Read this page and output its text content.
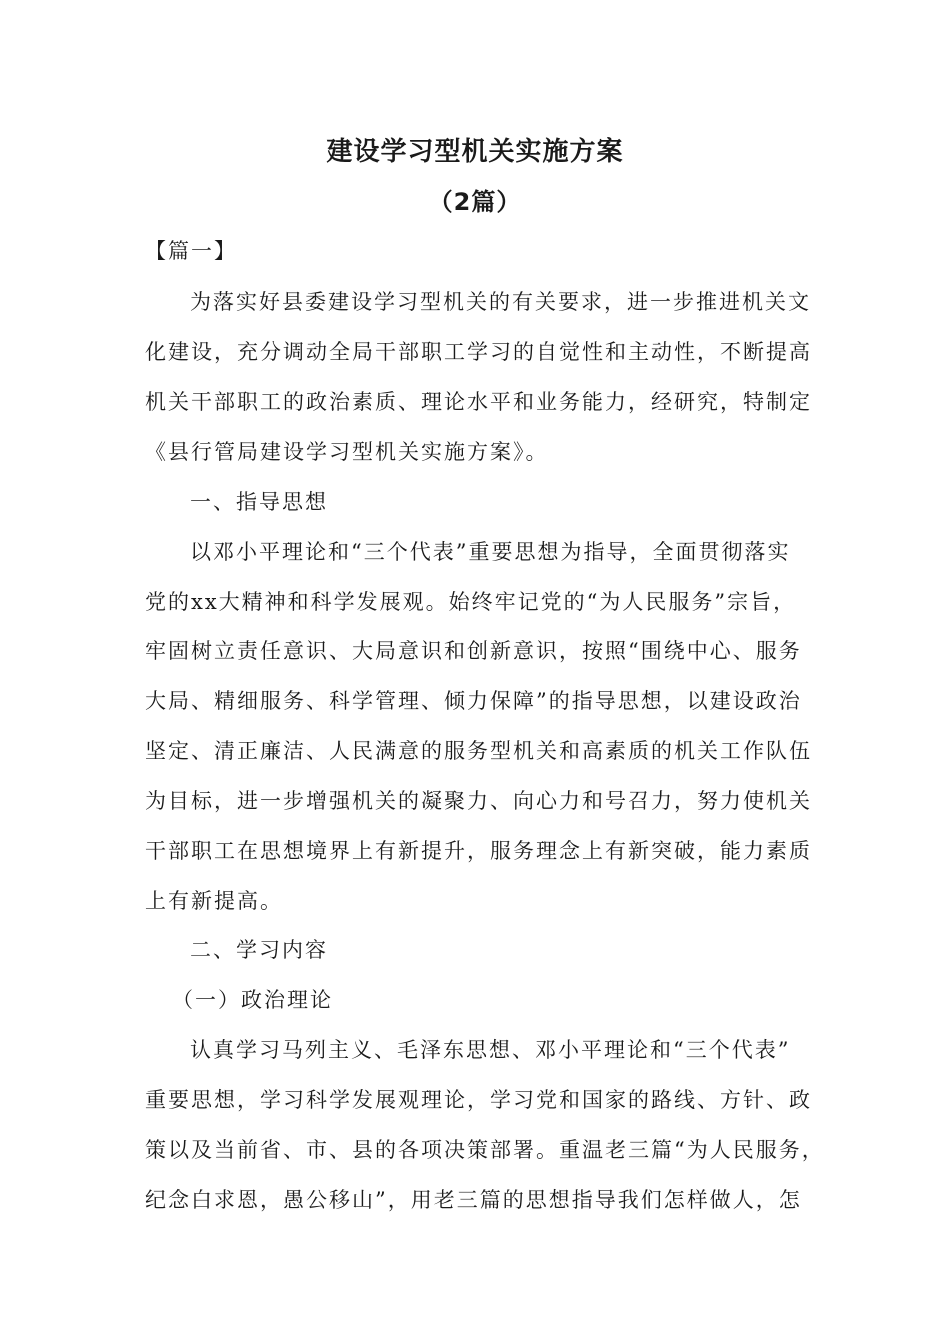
建设学习型机关实施方案
（2篇）
【篇一】
为落实好县委建设学习型机关的有关要求，进一步推进机关文
化建设，充分调动全局干部职工学习的自觉性和主动性，不断提高
机关干部职工的政治素质、理论水平和业务能力，经研究，特制定
《县行管局建设学习型机关实施方案》。
一、指导思想
以邓小平理论和“三个代表”重要思想为指导，全面贯彻落实
党的xx大精神和科学发展观。始终牢记党的“为人民服务”宗旨，
牢固树立责任意识、大局意识和创新意识，按照“围绕中心、服务
大局、精细服务、科学管理、倾力保障”的指导思想，以建设政治
坚定、清正廉洁、人民满意的服务型机关和高素质的机关工作队伍
为目标，进一步增强机关的凝聚力、向心力和号召力，努力使机关
干部职工在思想境界上有新提升，服务理念上有新突破，能力素质
上有新提高。
二、学习内容
（一）政治理论
认真学习马列主义、毛泽东思想、邓小平理论和“三个代表”
重要思想，学习科学发展观理论，学习党和国家的路线、方针、政
策以及当前省、市、县的各项决策部署。重温老三篇“为人民服务，
纪念白求恩，愚公移山”，用老三篇的思想指导我们怎样做人，怎
